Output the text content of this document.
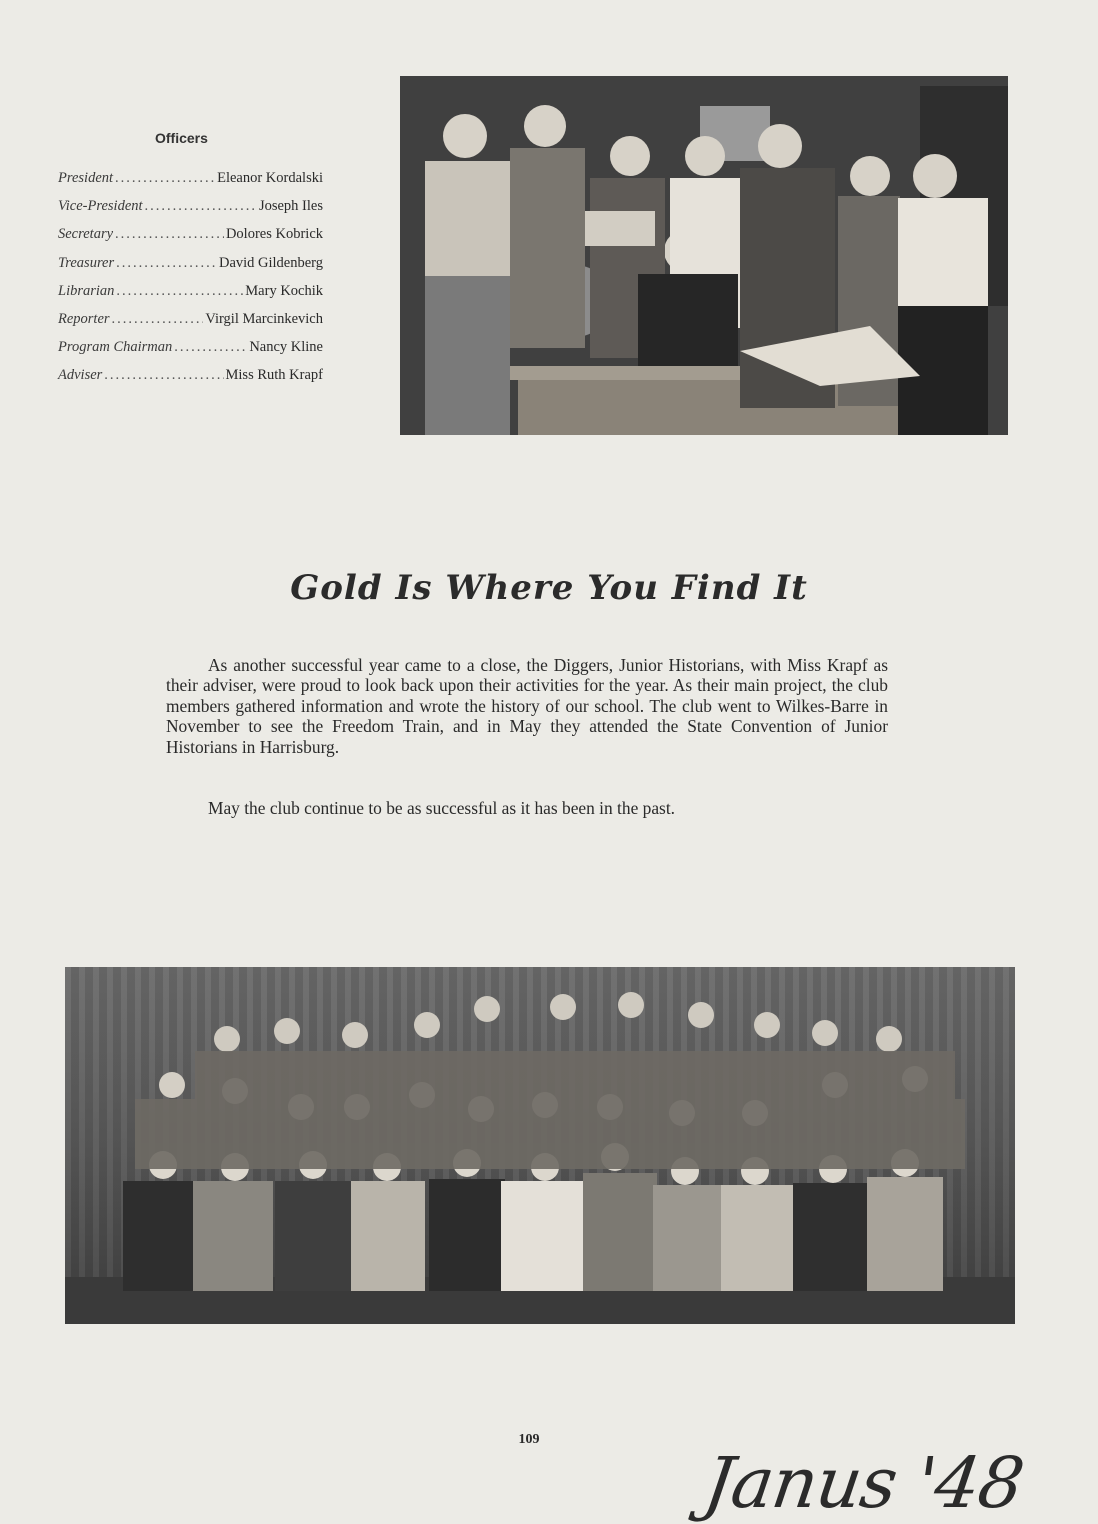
Officers
President .....	Eleanor Kordalski
Vice-President .....	Joseph Iles
Secretary .....	Dolores Kobrick
Treasurer .....	David Gildenberg
Librarian .....	Mary Kochik
Reporter .....	Virgil Marcinkevich
Program Chairman .....	Nancy Kline
Adviser .....	Miss Ruth Krapf
Gold Is Where You Find It

As another successful year came to a close, the Diggers, Junior Historians, with Miss Krapf as their adviser, were proud to look back upon their activities for the year. As their main project, the club members gathered information and wrote the history of our school. The club went to Wilkes-Barre in November to see the Freedom Train, and in May they attended the State Convention of Junior Historians in Harrisburg.

May the club continue to be as successful as it has been in the past.

109
Janus '48
